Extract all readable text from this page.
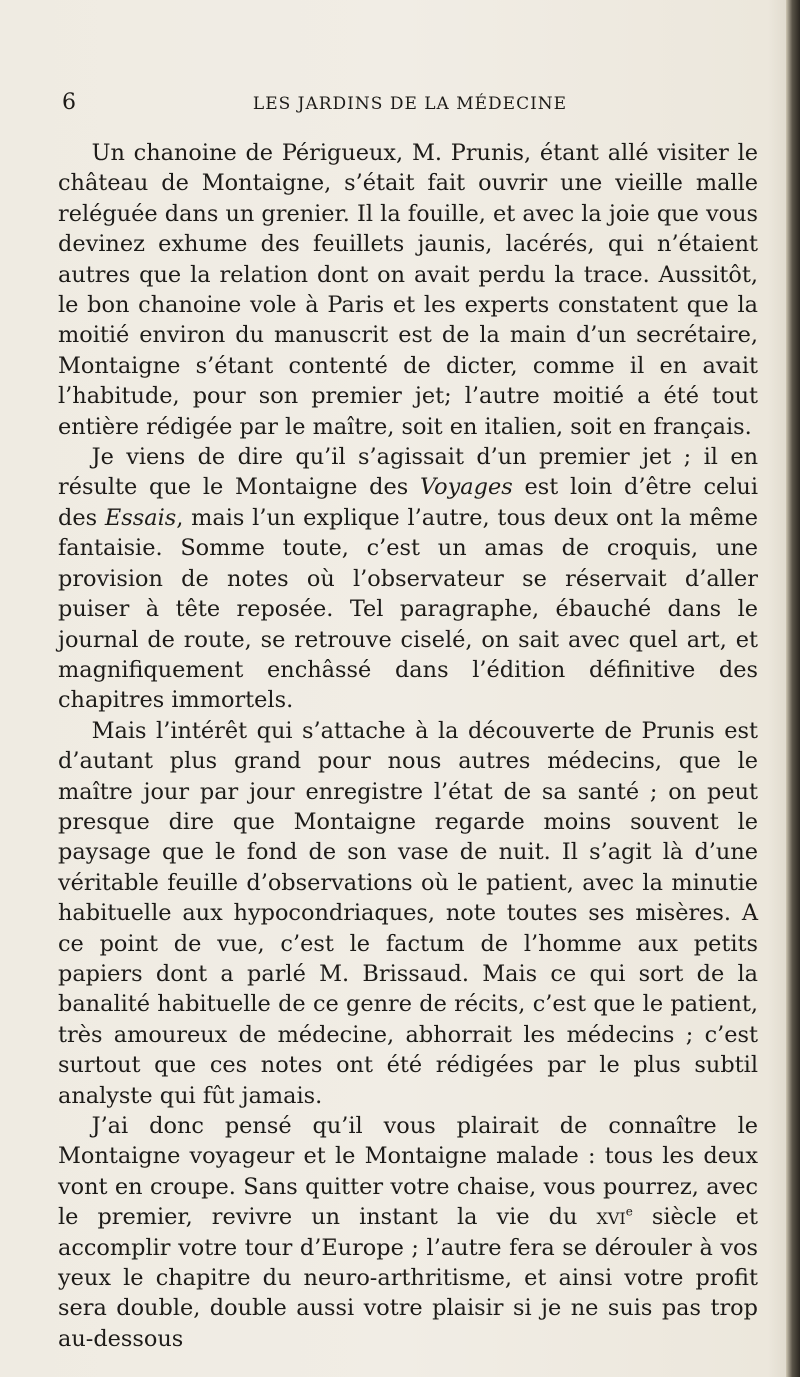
6	LES JARDINS DE LA MÉDECINE

Un chanoine de Périgueux, M. Prunis, étant allé visiter le château de Montaigne, s’était fait ouvrir une vieille malle reléguée dans un grenier. Il la fouille, et avec la joie que vous devinez exhume des feuillets jaunis, lacérés, qui n’étaient autres que la relation dont on avait perdu la trace. Aussitôt, le bon chanoine vole à Paris et les experts constatent que la moitié environ du manuscrit est de la main d’un secrétaire, Montaigne s’étant contenté de dicter, comme il en avait l’habitude, pour son premier jet; l’autre moitié a été tout entière rédigée par le maître, soit en italien, soit en français.

Je viens de dire qu’il s’agissait d’un premier jet ; il en résulte que le Montaigne des Voyages est loin d’être celui des Essais, mais l’un explique l’autre, tous deux ont la même fantaisie. Somme toute, c’est un amas de croquis, une provision de notes où l’observateur se réservait d’aller puiser à tête reposée. Tel paragraphe, ébauché dans le journal de route, se retrouve ciselé, on sait avec quel art, et magnifiquement enchâssé dans l’édition définitive des chapitres immortels.

Mais l’intérêt qui s’attache à la découverte de Prunis est d’autant plus grand pour nous autres médecins, que le maître jour par jour enregistre l’état de sa santé ; on peut presque dire que Montaigne regarde moins souvent le paysage que le fond de son vase de nuit. Il s’agit là d’une véritable feuille d’observations où le patient, avec la minutie habituelle aux hypocondriaques, note toutes ses misères. A ce point de vue, c’est le factum de l’homme aux petits papiers dont a parlé M. Brissaud. Mais ce qui sort de la banalité habituelle de ce genre de récits, c’est que le patient, très amoureux de médecine, abhorrait les médecins ; c’est surtout que ces notes ont été rédigées par le plus subtil analyste qui fût jamais.

J’ai donc pensé qu’il vous plairait de connaître le Montaigne voyageur et le Montaigne malade : tous les deux vont en croupe. Sans quitter votre chaise, vous pourrez, avec le premier, revivre un instant la vie du xvi$^e$ siècle et accomplir votre tour d’Europe ; l’autre fera se dérouler à vos yeux le chapitre du neuro-arthritisme, et ainsi votre profit sera double, double aussi votre plaisir si je ne suis pas trop au-dessous
